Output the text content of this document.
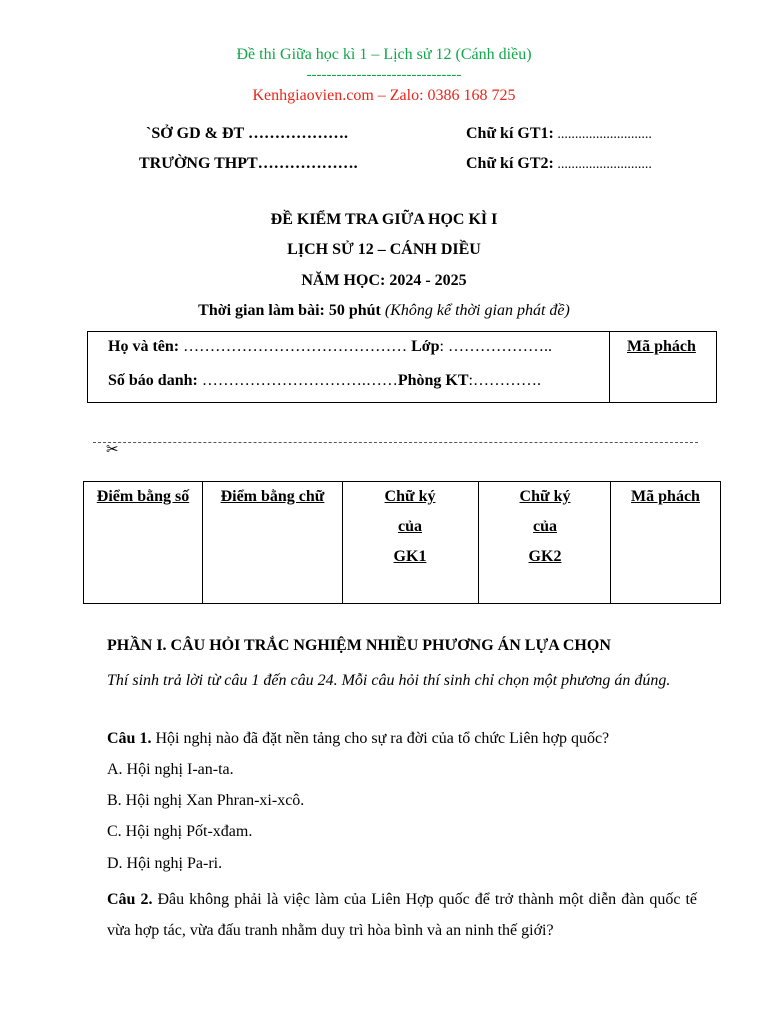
Đề thi Giữa học kì 1 – Lịch sử 12 (Cánh diều)
-------------------------------
Kenhgiaovien.com – Zalo: 0386 168 725
`SỞ GD & ĐT ……………….
TRƯỜNG THPT……………….
Chữ kí GT1: ...........................
Chữ kí GT2: ...........................
ĐỀ KIỂM TRA GIỮA HỌC KÌ I
LỊCH SỬ 12 – CÁNH DIỀU
NĂM HỌC: 2024 - 2025
Thời gian làm bài: 50 phút (Không kể thời gian phát đề)
Họ và tên: …………………………………… Lớp: ………………..
Số báo danh: ………………………….……Phòng KT:………….
Mã phách
✂
Điểm bằng số	Điểm bằng chữ	Chữ ký của GK1
Chữ ký của GK2
Mã phách
PHẦN I. CÂU HỎI TRẮC NGHIỆM NHIỀU PHƯƠNG ÁN LỰA CHỌN
Thí sinh trả lời từ câu 1 đến câu 24. Mỗi câu hỏi thí sinh chỉ chọn một phương án đúng.
Câu 1. Hội nghị nào đã đặt nền tảng cho sự ra đời của tổ chức Liên hợp quốc?
A. Hội nghị I-an-ta.
B. Hội nghị Xan Phran-xi-xcô.
C. Hội nghị Pốt-xđam.
D. Hội nghị Pa-ri.
Câu 2. Đâu không phải là việc làm của Liên Hợp quốc để trở thành một diễn đàn quốc tế vừa hợp tác, vừa đấu tranh nhằm duy trì hòa bình và an ninh thế giới?
